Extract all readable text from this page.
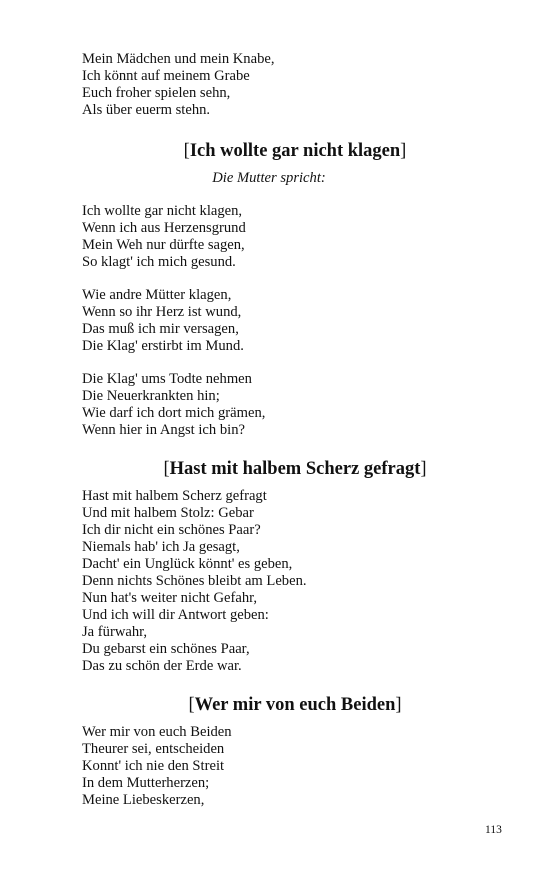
Mein Mädchen und mein Knabe,
Ich könnt auf meinem Grabe
Euch froher spielen sehn,
Als über euerm stehn.
[Ich wollte gar nicht klagen]
Die Mutter spricht:
Ich wollte gar nicht klagen,
Wenn ich aus Herzensgrund
Mein Weh nur dürfte sagen,
So klagt' ich mich gesund.
Wie andre Mütter klagen,
Wenn so ihr Herz ist wund,
Das muß ich mir versagen,
Die Klag' erstirbt im Mund.
Die Klag' ums Todte nehmen
Die Neuerkrankten hin;
Wie darf ich dort mich grämen,
Wenn hier in Angst ich bin?
[Hast mit halbem Scherz gefragt]
Hast mit halbem Scherz gefragt
Und mit halbem Stolz: Gebar
Ich dir nicht ein schönes Paar?
Niemals hab' ich Ja gesagt,
Dacht' ein Unglück könnt' es geben,
Denn nichts Schönes bleibt am Leben.
Nun hat's weiter nicht Gefahr,
Und ich will dir Antwort geben:
Ja fürwahr,
Du gebarst ein schönes Paar,
Das zu schön der Erde war.
[Wer mir von euch Beiden]
Wer mir von euch Beiden
Theurer sei, entscheiden
Konnt' ich nie den Streit
In dem Mutterherzen;
Meine Liebeskerzen,
113
